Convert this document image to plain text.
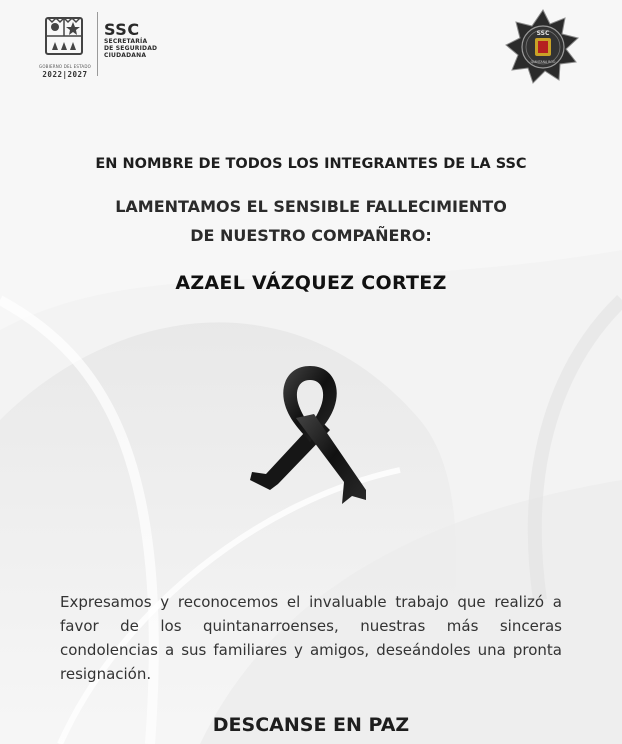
GOBIERNO DEL ESTADO
2022|2027
SSC
SECRETARÍA
DE SEGURIDAD
CIUDADANA
SSC
QUINTANA ROO
EN NOMBRE DE TODOS LOS INTEGRANTES DE LA SSC
LAMENTAMOS EL SENSIBLE FALLECIMIENTO
DE NUESTRO COMPAÑERO:
AZAEL VÁZQUEZ CORTEZ

Expresamos y reconocemos el invaluable trabajo que realizó a favor de los quintanarroenses, nuestras más sinceras condolencias a sus familiares y amigos, deseándoles una pronta resignación.

DESCANSE EN PAZ
